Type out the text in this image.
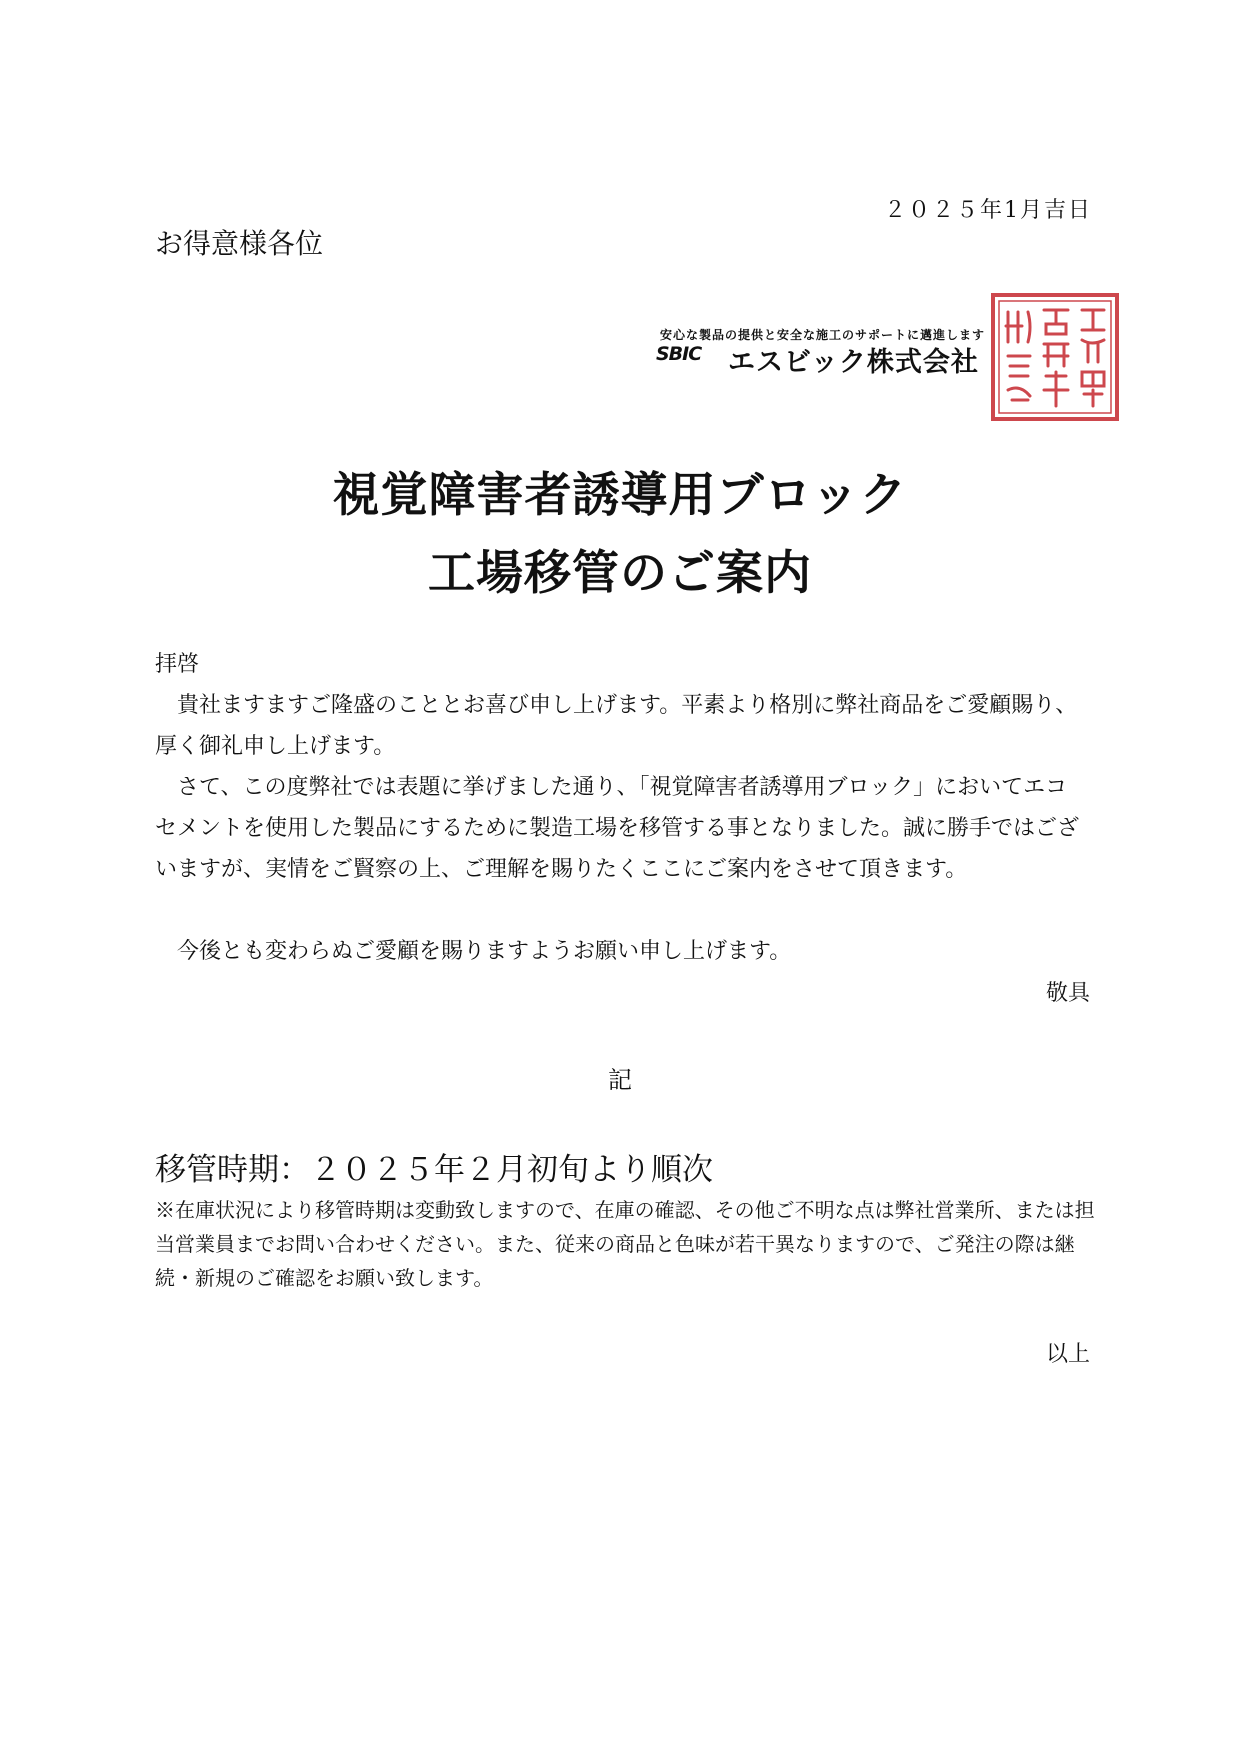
２０２５年1月吉日
お得意様各位
安心な製品の提供と安全な施工のサポートに邁進します
SBIC エスビック株式会社
視覚障害者誘導用ブロック
工場移管のご案内
拝啓
貴社ますますご隆盛のこととお喜び申し上げます。平素より格別に弊社商品をご愛顧賜り、厚く御礼申し上げます。
さて、この度弊社では表題に挙げました通り、「視覚障害者誘導用ブロック」においてエコセメントを使用した製品にするために製造工場を移管する事となりました。誠に勝手ではございますが、実情をご賢察の上、ご理解を賜りたくここにご案内をさせて頂きます。
今後とも変わらぬご愛顧を賜りますようお願い申し上げます。
敬具
記
移管時期：２０２５年２月初旬より順次
※在庫状況により移管時期は変動致しますので、在庫の確認、その他ご不明な点は弊社営業所、または担当営業員までお問い合わせください。また、従来の商品と色味が若干異なりますので、ご発注の際は継続・新規のご確認をお願い致します。
以上
